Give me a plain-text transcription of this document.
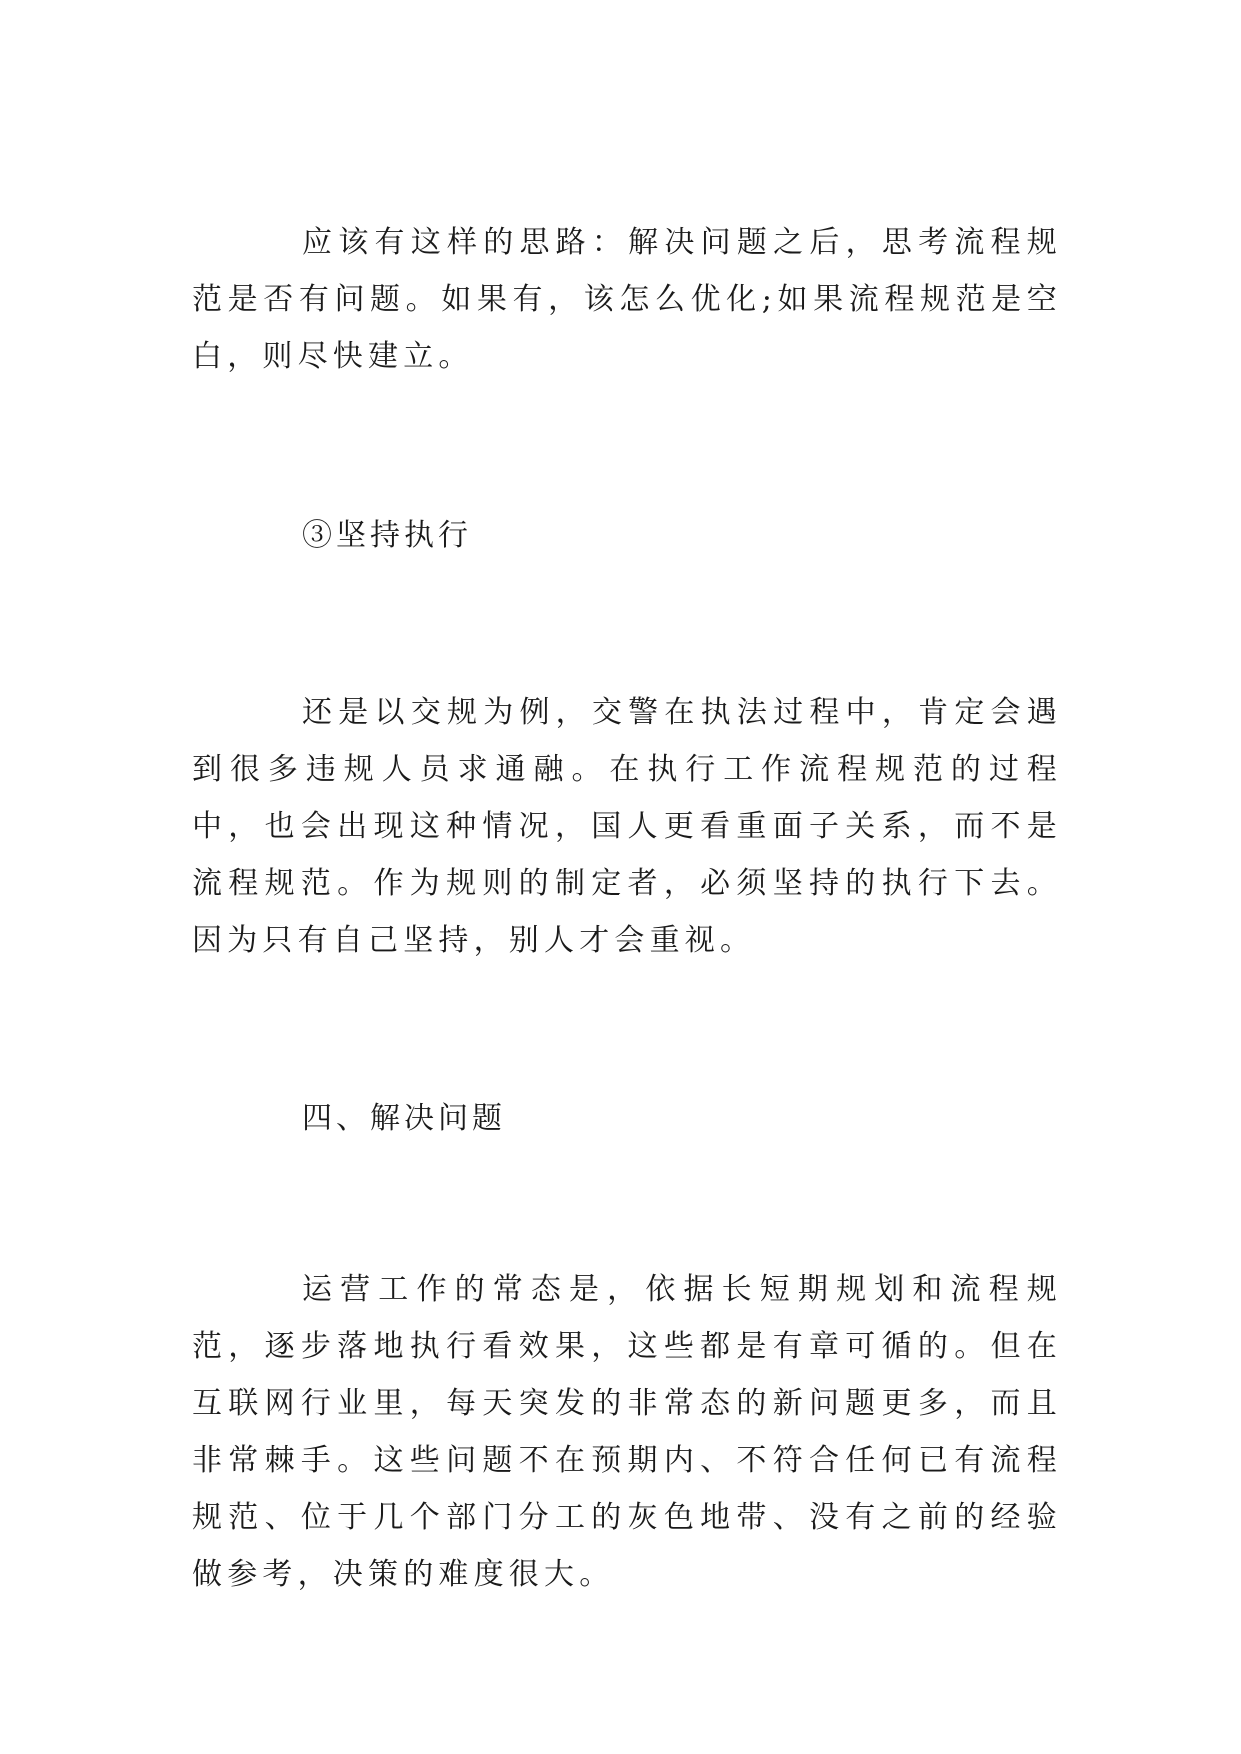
应该有这样的思路：解决问题之后，思考流程规范是否有问题。如果有，该怎么优化;如果流程规范是空白，则尽快建立。

③坚持执行

还是以交规为例，交警在执法过程中，肯定会遇到很多违规人员求通融。在执行工作流程规范的过程中，也会出现这种情况，国人更看重面子关系，而不是流程规范。作为规则的制定者，必须坚持的执行下去。因为只有自己坚持，别人才会重视。

四、解决问题

运营工作的常态是，依据长短期规划和流程规范，逐步落地执行看效果，这些都是有章可循的。但在互联网行业里，每天突发的非常态的新问题更多，而且非常棘手。这些问题不在预期内、不符合任何已有流程规范、位于几个部门分工的灰色地带、没有之前的经验做参考，决策的难度很大。
